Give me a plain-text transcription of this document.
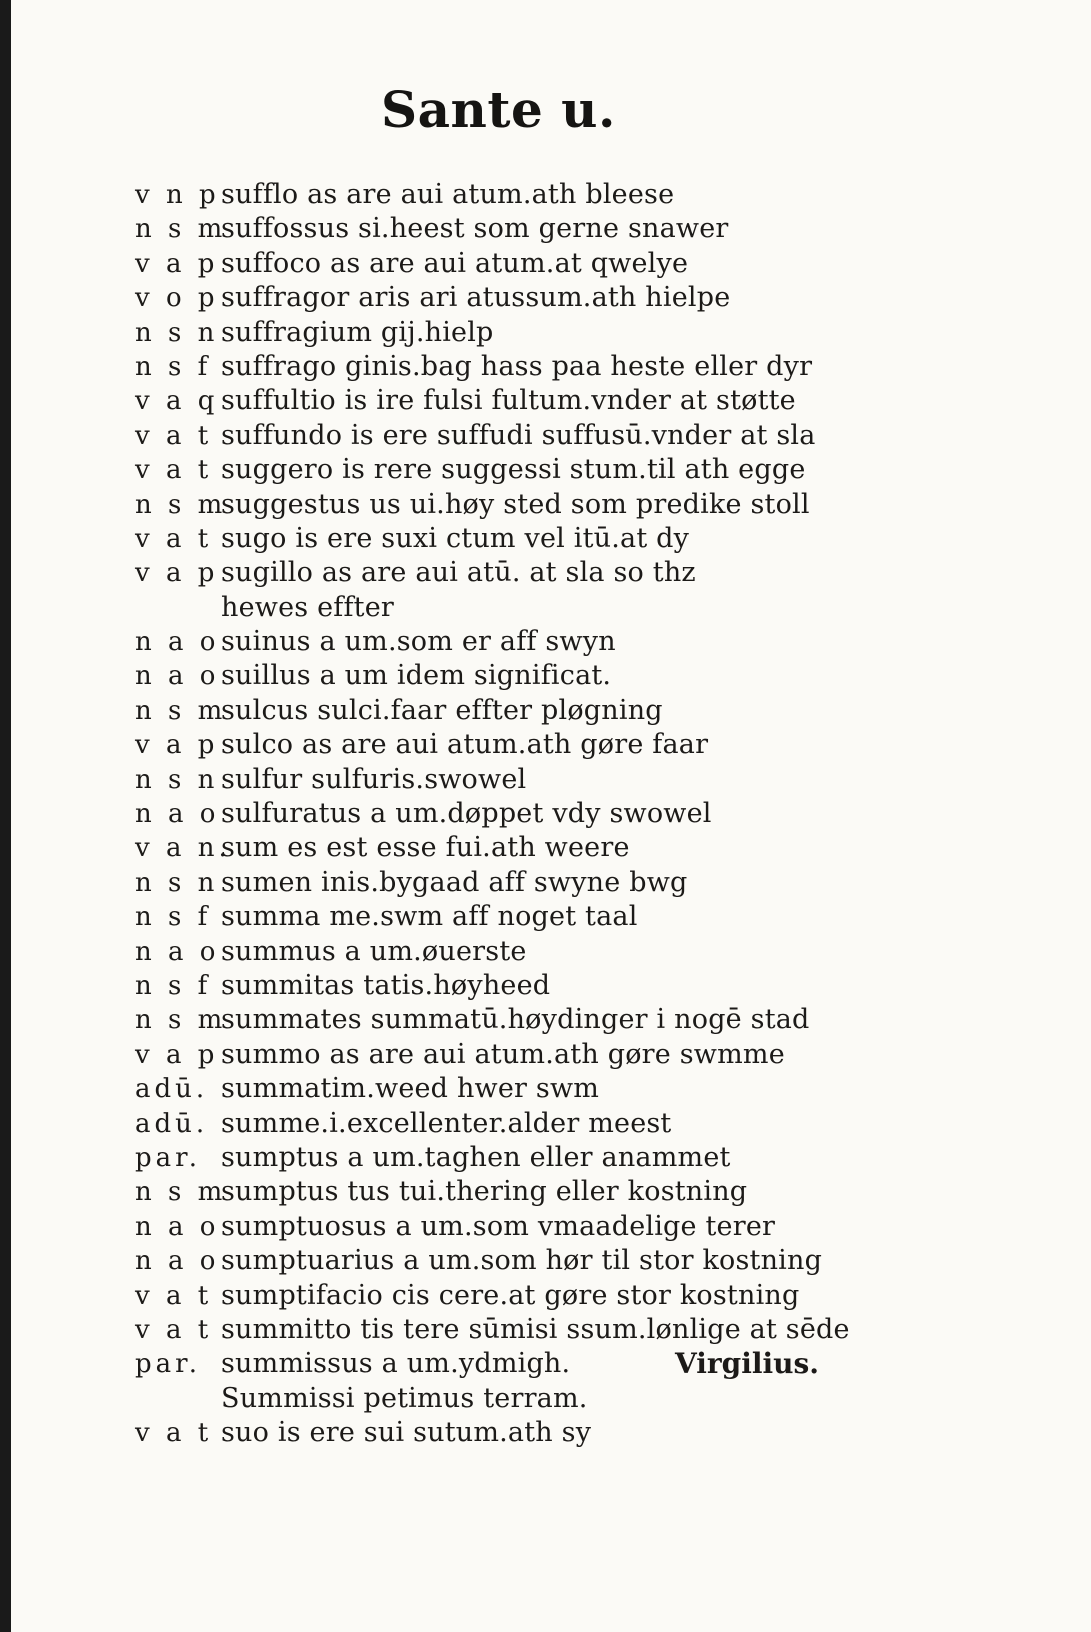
Sante u.
v n p sufflo as are aui atum.ath bleese
n s m
suffossus si.heest som gerne snawer
v a p suffoco as are aui atum.at qwelye
v o p suffragor aris ari atussum.ath hielpe
n s n suffragium gij.hielp
n s f suffrago ginis.bag hass paa heste eller dyr
v a q suffultio is ire fulsi fultum.vnder at støtte
v a t suffundo is ere suffudi suffusū.vnder at sla
v a t suggero is rere suggessi stum.til ath egge
n s m
suggestus us ui.høy sted som predike stoll
v a t sugo is ere suxi ctum vel itū.at dy
v a p sugillo as are aui atū. at sla so thz
hewes effter
n a o suinus a um.som er aff swyn
n a o suillus a um idem significat.
n s m
sulcus sulci.faar effter pløgning
v a p sulco as are aui atum.ath gøre faar
n s n sulfur sulfuris.swowel
n a o sulfuratus a um.døppet vdy swowel
v a n.
sum es est esse fui.ath weere
n s n sumen inis.bygaad aff swyne bwg
n s f summa me.swm aff noget taal
n a o summus a um.øuerste
n s f summitas tatis.høyheed
n s m
summates summatū.høydinger i nogē stad
v a p summo as are aui atum.ath gøre swmme
adū. summatim.weed hwer swm
adū. summe.i.excellenter.alder meest
par. sumptus a um.taghen eller anammet
n s m
sumptus tus tui.thering eller kostning
n a o sumptuosus a um.som vmaadelige terer
n a o sumptuarius a um.som hør til stor kostning
v a t sumptifacio cis cere.at gøre stor kostning
v a t summitto tis tere sūmisi ssum.lønlige at sēde
par. summissus a um.ydmigh.	Virgilius.
Summissi petimus terram.
v a t suo is ere sui sutum.ath sy
